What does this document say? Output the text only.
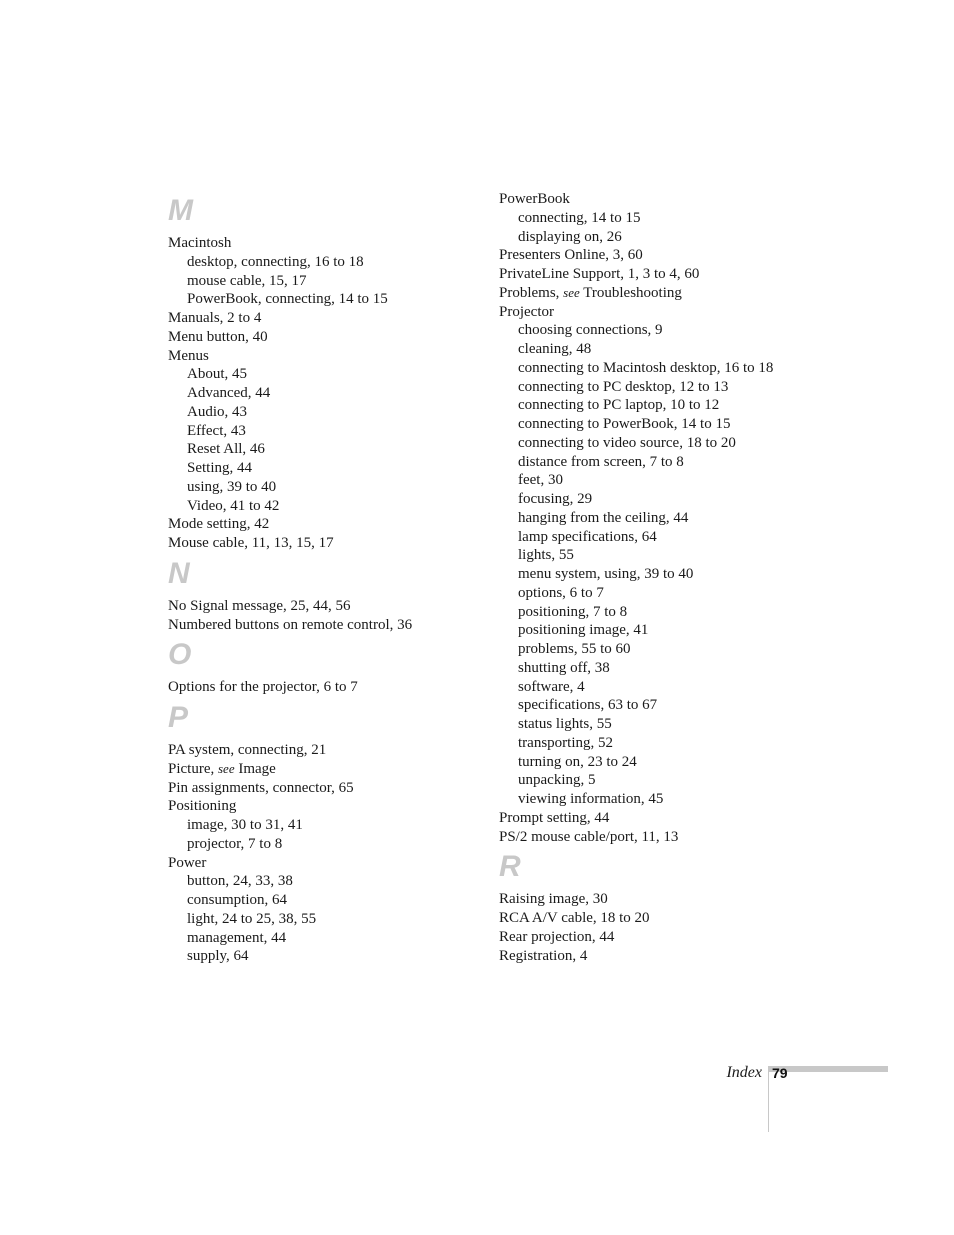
M
Macintosh
desktop, connecting, 16 to 18
mouse cable, 15, 17
PowerBook, connecting, 14 to 15
Manuals, 2 to 4
Menu button, 40
Menus
About, 45
Advanced, 44
Audio, 43
Effect, 43
Reset All, 46
Setting, 44
using, 39 to 40
Video, 41 to 42
Mode setting, 42
Mouse cable, 11, 13, 15, 17
N
No Signal message, 25, 44, 56
Numbered buttons on remote control, 36
O
Options for the projector, 6 to 7
P
PA system, connecting, 21
Picture, see Image
Pin assignments, connector, 65
Positioning
image, 30 to 31, 41
projector, 7 to 8
Power
button, 24, 33, 38
consumption, 64
light, 24 to 25, 38, 55
management, 44
supply, 64
PowerBook
connecting, 14 to 15
displaying on, 26
Presenters Online, 3, 60
PrivateLine Support, 1, 3 to 4, 60
Problems, see Troubleshooting
Projector
choosing connections, 9
cleaning, 48
connecting to Macintosh desktop, 16 to 18
connecting to PC desktop, 12 to 13
connecting to PC laptop, 10 to 12
connecting to PowerBook, 14 to 15
connecting to video source, 18 to 20
distance from screen, 7 to 8
feet, 30
focusing, 29
hanging from the ceiling, 44
lamp specifications, 64
lights, 55
menu system, using, 39 to 40
options, 6 to 7
positioning, 7 to 8
positioning image, 41
problems, 55 to 60
shutting off, 38
software, 4
specifications, 63 to 67
status lights, 55
transporting, 52
turning on, 23 to 24
unpacking, 5
viewing information, 45
Prompt setting, 44
PS/2 mouse cable/port, 11, 13
R
Raising image, 30
RCA A/V cable, 18 to 20
Rear projection, 44
Registration, 4
Index 79
